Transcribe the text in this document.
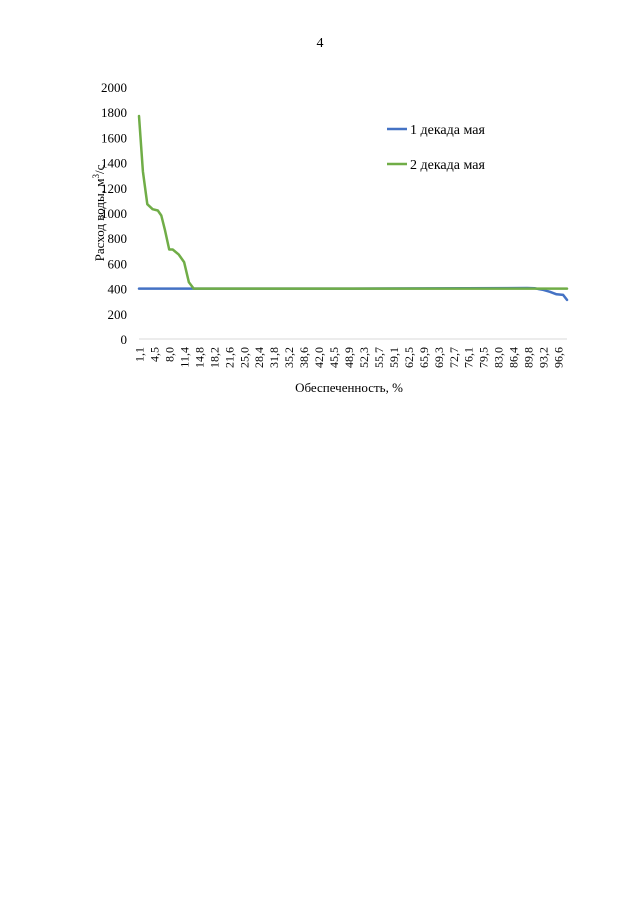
4
0
200
400
600
800
1000
1200
1400
1600
1800
2000
1,1 4,5 8,0 11,4 14,8 18,2 21,6 25,0 28,4 31,8 35,2 38,6 42,0 45,5 48,9 52,3 55,7 59,1 62,5 65,9 69,3 72,7 76,1 79,5 83,0 86,4 89,8 93,2 96,6
1 декада мая
2 декада мая
Обеспеченность, %
Расход воды, $м^3/с$
